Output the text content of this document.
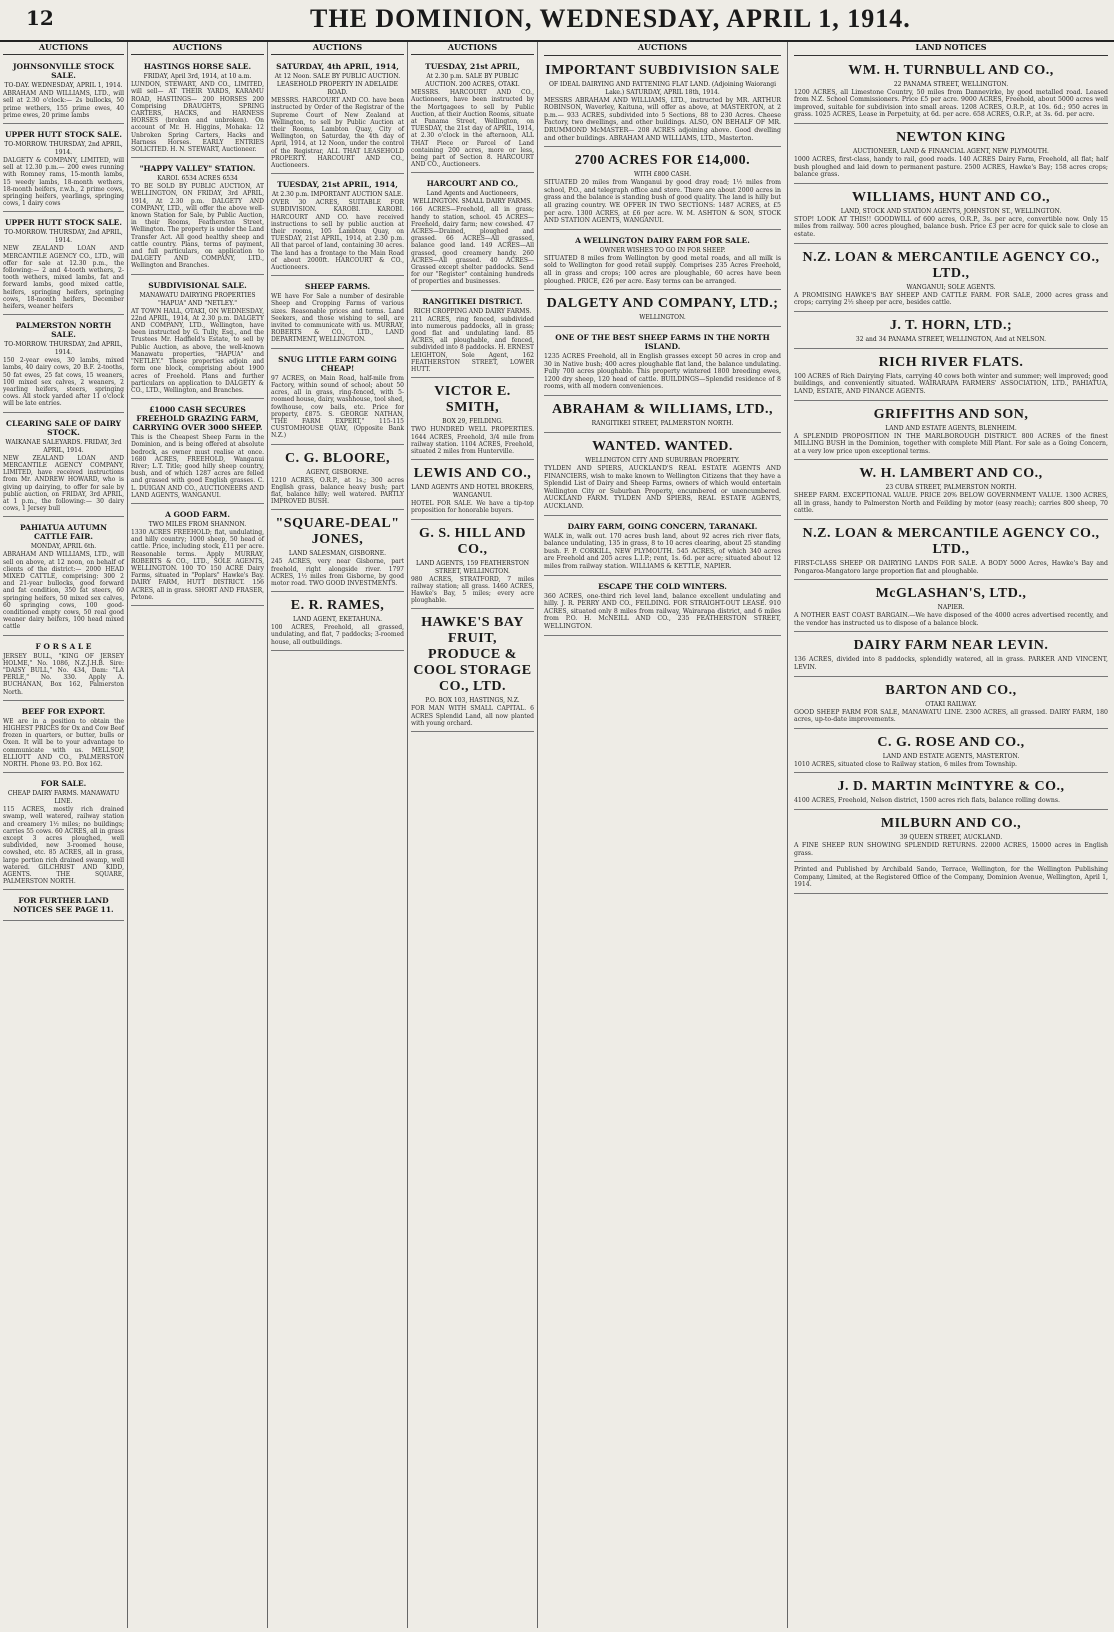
12	THE DOMINION, WEDNESDAY, APRIL 1, 1914.
AUCTIONS
JOHNSONVILLE STOCK SALE.
TO-DAY. WEDNESDAY, APRIL 1, 1914.
ABRAHAM AND WILLIAMS, LTD., will sell at 2.30 o'clock:— 2s bullocks, 50 prime wethers, 155 prime ewes, 40 prime ewes, 20 prime lambs
UPPER HUTT STOCK SALE.
TO-MORROW. THURSDAY, 2nd APRIL, 1914.
DALGETY & COMPANY, LIMITED, will sell at 12.30 p.m.— 200 ewes running with Romney rams, 15-month lambs, 15 weedy lambs, 18-month wethers, 18-month heifers, r.w.h., 2 prime cows, springing heifers, yearlings, springing cows, 1 dairy cows
UPPER HUTT STOCK SALE.
TO-MORROW. THURSDAY, 2nd APRIL, 1914.
NEW ZEALAND LOAN AND MERCANTILE AGENCY CO., LTD., will offer for sale at 12.30 p.m., the following:— 2 and 4-tooth wethers, 2-tooth wethers, mixed lambs, fat and forward lambs, good mixed cattle, heifers, springing heifers, springing cows, 18-month heifers, December heifers, weaner heifers
PALMERSTON NORTH SALE.
TO-MORROW. THURSDAY, 2nd APRIL, 1914.
150 2-year ewes, 30 lambs, mixed lambs, 40 dairy cows, 20 B.F. 2-tooths, 50 fat ewes, 25 fat cows, 15 weaners, 100 mixed sex calves, 2 weaners, 2 yearling heifers, steers, springing cows. All stock yarded after 11 o'clock will be late entries.
CLEARING SALE OF DAIRY STOCK.
WAIKANAE SALEYARDS. FRIDAY, 3rd APRIL, 1914.
NEW ZEALAND LOAN AND MERCANTILE AGENCY COMPANY, LIMITED, have received instructions from Mr. ANDREW HOWARD, who is giving up dairying, to offer for sale by public auction, on FRIDAY, 3rd APRIL, at 1 p.m., the following:— 30 dairy cows, 1 Jersey bull
PAHIATUA AUTUMN CATTLE FAIR.
MONDAY, APRIL 6th.
ABRAHAM AND WILLIAMS, LTD., will sell on above, at 12 noon, on behalf of clients of the district:— 2000 HEAD MIXED CATTLE, comprising: 300 2 and 21-year bullocks, good forward and fat condition, 350 fat steers, 60 springing heifers, 50 mixed sex calves, 60 springing cows, 100 good-conditioned empty cows, 50 real good weaner dairy heifers, 100 head mixed cattle
F O R S A L E
JERSEY BULL, "KING OF JERSEY HOLME," No. 1086, N.Z.J.H.B. Sire: "DAISY BULL," No. 434, Dam: "LA PERLE," No. 330. Apply A. BUCHANAN, Box 162, Palmerston North.
BEEF FOR EXPORT.
WE are in a position to obtain the HIGHEST PRICES for Ox and Cow Beef frozen in quarters, or butter, bulls or Oxen. It will be to your advantage to communicate with us. MELLSOP, ELLIOTT AND CO., PALMERSTON NORTH. Phone 93. P.O. Box 162.
FOR SALE.
CHEAP DAIRY FARMS. MANAWATU LINE.
115 ACRES, mostly rich drained swamp, well watered, railway station and creamery 1½ miles; no buildings; carries 55 cows. 60 ACRES, all in grass except 3 acres ploughed, well subdivided, new 3-roomed house, cowshed, etc. 85 ACRES, all in grass, large portion rich drained swamp, well watered. GILCHRIST AND KIDD, AGENTS. THE SQUARE, PALMERSTON NORTH.
FOR FURTHER LAND NOTICES SEE PAGE 11.
AUCTIONS
HASTINGS HORSE SALE.
FRIDAY, April 3rd, 1914, at 10 a.m.
LUNDON, STEWART, AND CO., LIMITED, will sell— AT THEIR YARDS, KARAMU ROAD, HASTINGS— 200 HORSES 200 Comprising DRAUGHTS, SPRING CARTERS, HACKS, and HARNESS HORSES (broken and unbroken). On account of Mr. H. Higgins, Mohaka: 12 Unbroken Spring Carters, Hacks and Harness Horses. EARLY ENTRIES SOLICITED. H. N. STEWART, Auctioneer.
"HAPPY VALLEY" STATION.
KAROI. 6534 ACRES 6534
TO BE SOLD BY PUBLIC AUCTION, AT WELLINGTON, ON FRIDAY, 3rd APRIL, 1914, At 2.30 p.m. DALGETY AND COMPANY, LTD., will offer the above well-known Station for Sale, by Public Auction, in their Rooms, Featherston Street, Wellington. The property is under the Land Transfer Act. All good healthy sheep and cattle country. Plans, terms of payment, and full particulars, on application to DALGETY AND COMPANY, LTD., Wellington and Branches.
SUBDIVISIONAL SALE.
MANAWATU DAIRYING PROPERTIES "HAPUA" AND "NETLEY."
AT TOWN HALL, OTAKI, ON WEDNESDAY, 22nd APRIL, 1914, At 2.30 p.m. DALGETY AND COMPANY, LTD., Wellington, have been instructed by G. Tully, Esq., and the Trustees Mr. Hadfield's Estate, to sell by Public Auction, as above, the well-known Manawatu properties, "HAPUA" and "NETLEY." These properties adjoin and form one block, comprising about 1900 acres of Freehold. Plans and further particulars on application to DALGETY & CO., LTD., Wellington, and Branches.
£1000 CASH SECURES FREEHOLD GRAZING FARM, CARRYING OVER 3000 SHEEP.
This is the Cheapest Sheep Farm in the Dominion, and is being offered at absolute bedrock, as owner must realise at once. 1680 ACRES, FREEHOLD, Wanganui River; L.T. Title; good hilly sheep country, bush, and of which 1287 acres are felled and grassed with good English grasses. C. L. DUIGAN AND CO., AUCTIONEERS AND LAND AGENTS, WANGANUI.
A GOOD FARM.
TWO MILES FROM SHANNON.
1330 ACRES FREEHOLD; flat, undulating, and hilly country; 1000 sheep, 50 head of cattle. Price, including stock, £11 per acre. Reasonable terms. Apply MURRAY, ROBERTS & CO., LTD., SOLE AGENTS, WELLINGTON. 100 TO 150 ACRE Dairy Farms, situated in "Poplars" Hawke's Bay. DAIRY FARM, HUTT DISTRICT. 156 ACRES, all in grass. SHORT AND FRASER, Petone.
AUCTIONS
SATURDAY, 4th APRIL, 1914,
At 12 Noon. SALE BY PUBLIC AUCTION. LEASEHOLD PROPERTY IN ADELAIDE ROAD.
MESSRS. HARCOURT AND CO. have been instructed by Order of the Registrar of the Supreme Court of New Zealand at Wellington, to sell by Public Auction at their Rooms, Lambton Quay, City of Wellington, on Saturday, the 4th day of April, 1914, at 12 Noon, under the control of the Registrar, ALL THAT LEASEHOLD PROPERTY. HARCOURT AND CO., Auctioneers.
TUESDAY, 21st APRIL, 1914,
At 2.30 p.m. IMPORTANT AUCTION SALE.
OVER 30 ACRES, SUITABLE FOR SUBDIVISION. KAROBI. KAROBI. HARCOURT AND CO. have received instructions to sell by public auction at their rooms, 105 Lambton Quay, on TUESDAY, 21st APRIL, 1914, at 2.30 p.m. All that parcel of land, containing 30 acres. The land has a frontage to the Main Road of about 2000ft. HARCOURT & CO., Auctioneers.
SHEEP FARMS.
WE have For Sale a number of desirable Sheep and Cropping Farms of various sizes. Reasonable prices and terms. Land Seekers, and those wishing to sell, are invited to communicate with us. MURRAY, ROBERTS & CO., LTD., LAND DEPARTMENT, WELLINGTON.
SNUG LITTLE FARM GOING CHEAP!
97 ACRES, on Main Road, half-mile from Factory, within sound of school; about 50 acres, all in grass, ring-fenced, with 5-roomed house, dairy, washhouse, tool shed, fowlhouse, cow bails, etc. Price for property, £875. S. GEORGE NATHAN, "THE FARM EXPERT," 115-115 CUSTOMHOUSE QUAY, (Opposite Bank N.Z.)
C. G. BLOORE,
AGENT, GISBORNE.
1210 ACRES, O.R.P., at 1s.; 300 acres English grass, balance heavy bush; part flat, balance hilly; well watered. PARTLY IMPROVED BUSH.
"SQUARE-DEAL" JONES,
LAND SALESMAN, GISBORNE.
245 ACRES, very near Gisborne, part freehold, right alongside river. 1797 ACRES, 1½ miles from Gisborne, by good motor road. TWO GOOD INVESTMENTS.
E. R. RAMES,
LAND AGENT, EKETAHUNA.
100 ACRES, Freehold, all grassed, undulating, and flat, 7 paddocks; 3-roomed house, all outbuildings.
AUCTIONS
TUESDAY, 21st APRIL,
At 2.30 p.m. SALE BY PUBLIC AUCTION. 200 ACRES, OTAKI.
MESSRS. HARCOURT AND CO., Auctioneers, have been instructed by the Mortgagees to sell by Public Auction, at their Auction Rooms, situate at Panama Street, Wellington, on TUESDAY, the 21st day of APRIL, 1914, at 2.30 o'clock in the afternoon, ALL THAT Piece or Parcel of Land containing 200 acres, more or less, being part of Section 8. HARCOURT AND CO., Auctioneers.
HARCOURT AND CO.,
Land Agents and Auctioneers, WELLINGTON. SMALL DAIRY FARMS.
166 ACRES—Freehold, all in grass; handy to station, school. 45 ACRES—Freehold, dairy farm; new cowshed. 47 ACRES—Drained, ploughed and grassed. 66 ACRES—All grassed, balance good land. 149 ACRES—All grassed, good creamery handy. 260 ACRES—All grassed. 40 ACRES—Grassed except shelter paddocks. Send for our "Register" containing hundreds of properties and businesses.
RANGITIKEI DISTRICT.
RICH CROPPING AND DAIRY FARMS.
211 ACRES, ring fenced, subdivided into numerous paddocks, all in grass; good flat and undulating land. 85 ACRES, all ploughable, and fenced, subdivided into 8 paddocks. H. ERNEST LEIGHTON, Sole Agent, 162 FEATHERSTON STREET, LOWER HUTT.
VICTOR E. SMITH,
BOX 29, FEILDING.
TWO HUNDRED WELL PROPERTIES. 1644 ACRES, Freehold, 3/4 mile from railway station. 1104 ACRES, Freehold, situated 2 miles from Hunterville.
LEWIS AND CO.,
LAND AGENTS AND HOTEL BROKERS, WANGANUI.
HOTEL FOR SALE. We have a tip-top proposition for honorable buyers.
G. S. HILL AND CO.,
LAND AGENTS, 159 FEATHERSTON STREET, WELLINGTON.
980 ACRES, STRATFORD, 7 miles railway station; all grass. 1460 ACRES, Hawke's Bay, 5 miles; every acre ploughable.
HAWKE'S BAY FRUIT, PRODUCE & COOL STORAGE CO., LTD.
P.O. BOX 103, HASTINGS, N.Z.
FOR MAN WITH SMALL CAPITAL. 6 ACRES Splendid Land, all now planted with young orchard.
AUCTIONS
IMPORTANT SUBDIVISION SALE
OF IDEAL DAIRYING AND FATTENING FLAT LAND. (Adjoining Waiorangi Lake.) SATURDAY, APRIL 18th, 1914.
MESSRS ABRAHAM AND WILLIAMS, LTD., instructed by MR. ARTHUR ROBINSON, Waverley, Kaituna, will offer as above, at MASTERTON, at 2 p.m.— 933 ACRES, subdivided into 5 Sections, 88 to 230 Acres. Cheese Factory, two dwellings, and other buildings. ALSO, ON BEHALF OF MR. DRUMMOND McMASTER— 208 ACRES adjoining above. Good dwelling and other buildings. ABRAHAM AND WILLIAMS, LTD., Masterton.
2700 ACRES FOR £14,000.
WITH £800 CASH.
SITUATED 20 miles from Wanganui by good dray road; 1½ miles from school, P.O., and telegraph office and store. There are about 2000 acres in grass and the balance is standing bush of good quality. The land is hilly but all grazing country. WE OFFER IN TWO SECTIONS: 1487 ACRES, at £5 per acre. 1300 ACRES, at £6 per acre. W. M. ASHTON & SON, STOCK AND STATION AGENTS, WANGANUI.
A WELLINGTON DAIRY FARM FOR SALE.
OWNER WISHES TO GO IN FOR SHEEP.
SITUATED 8 miles from Wellington by good metal roads, and all milk is sold to Wellington for good retail supply. Comprises 235 Acres Freehold, all in grass and crops; 100 acres are ploughable, 60 acres have been ploughed. PRICE, £26 per acre. Easy terms can be arranged.
DALGETY AND COMPANY, LTD.;
WELLINGTON.
ONE OF THE BEST SHEEP FARMS IN THE NORTH ISLAND.
1235 ACRES Freehold, all in English grasses except 50 acres in crop and 30 in Native bush; 400 acres ploughable flat land, the balance undulating. Fully 700 acres ploughable. This property wintered 1800 breeding ewes, 1200 dry sheep, 120 head of cattle. BUILDINGS—Splendid residence of 8 rooms, with all modern conveniences.
ABRAHAM & WILLIAMS, LTD.,
RANGITIKEI STREET, PALMERSTON NORTH.
WANTED. WANTED.
WELLINGTON CITY AND SUBURBAN PROPERTY.
TYLDEN AND SPIERS, AUCKLAND'S REAL ESTATE AGENTS AND FINANCIERS, wish to make known to Wellington Citizens that they have a Splendid List of Dairy and Sheep Farms, owners of which would entertain Wellington City or Suburban Property, encumbered or unencumbered. AUCKLAND FARM. TYLDEN AND SPIERS, REAL ESTATE AGENTS, AUCKLAND.
DAIRY FARM, GOING CONCERN, TARANAKI.
WALK in, walk out. 170 acres bush land, about 92 acres rich river flats, balance undulating, 135 in grass, 8 to 10 acres clearing, about 25 standing bush. F. P. CORKILL, NEW PLYMOUTH. 545 ACRES, of which 340 acres are Freehold and 205 acres L.I.P.; rent, 1s. 6d. per acre; situated about 12 miles from railway station. WILLIAMS & KETTLE, NAPIER.
ESCAPE THE COLD WINTERS.
360 ACRES, one-third rich level land, balance excellent undulating and hilly. J. R. PERRY AND CO., FEILDING. FOR STRAIGHT-OUT LEASE. 910 ACRES, situated only 8 miles from railway, Wairarapa district, and 6 miles from P.O. H. McNEILL AND CO., 235 FEATHERSTON STREET, WELLINGTON.
LAND NOTICES
WM. H. TURNBULL AND CO.,
22 PANAMA STREET, WELLINGTON.
1200 ACRES, all Limestone Country, 50 miles from Dannevirke, by good metalled road. Leased from N.Z. School Commissioners. Price £5 per acre. 9000 ACRES, Freehold, about 5000 acres well improved, suitable for subdivision into small areas. 1208 ACRES, O.R.P., at 10s. 6d.; 950 acres in grass. 1025 ACRES, Lease in Perpetuity, at 6d. per acre. 658 ACRES, O.R.P., at 3s. 6d. per acre.
NEWTON KING
AUCTIONEER, LAND & FINANCIAL AGENT, NEW PLYMOUTH.
1000 ACRES, first-class, handy to rail, good roads. 140 ACRES Dairy Farm, Freehold, all flat; half bush ploughed and laid down to permanent pasture. 2500 ACRES, Hawke's Bay; 158 acres crops; balance grass.
WILLIAMS, HUNT AND CO.,
LAND, STOCK AND STATION AGENTS, JOHNSTON ST., WELLINGTON.
STOP! LOOK AT THIS!! GOODWILL of 600 acres, O.R.P., 3s. per acre, convertible now. Only 15 miles from railway. 500 acres ploughed, balance bush. Price £3 per acre for quick sale to close an estate.
N.Z. LOAN & MERCANTILE AGENCY CO., LTD.,
WANGANUI; SOLE AGENTS.
A PROMISING HAWKE'S BAY SHEEP AND CATTLE FARM. FOR SALE, 2000 acres grass and crops; carrying 2½ sheep per acre, besides cattle.
J. T. HORN, LTD.;
32 and 34 PANAMA STREET, WELLINGTON, And at NELSON.
RICH RIVER FLATS.
100 ACRES of Rich Dairying Flats, carrying 40 cows both winter and summer; well improved; good buildings, and conveniently situated. WAIRARAPA FARMERS' ASSOCIATION, LTD., PAHIATUA, LAND, ESTATE, AND FINANCE AGENTS.
GRIFFITHS AND SON,
LAND AND ESTATE AGENTS, BLENHEIM.
A SPLENDID PROPOSITION IN THE MARLBOROUGH DISTRICT. 800 ACRES of the finest MILLING BUSH in the Dominion, together with complete Mill Plant. For sale as a Going Concern, at a very low price upon exceptional terms.
W. H. LAMBERT AND CO.,
23 CUBA STREET, PALMERSTON NORTH.
SHEEP FARM. EXCEPTIONAL VALUE. PRICE 20% BELOW GOVERNMENT VALUE. 1300 ACRES, all in grass, handy to Palmerston North and Feilding by motor (easy reach); carries 800 sheep, 70 cattle.
N.Z. LOAN & MERCANTILE AGENCY CO., LTD.,
FIRST-CLASS SHEEP OR DAIRYING LANDS FOR SALE. A BODY 5000 Acres, Hawke's Bay and Pongaroa-Mangatoro large proportion flat and ploughable.
McGLASHAN'S, LTD.,
NAPIER.
A NOTHER EAST COAST BARGAIN.—We have disposed of the 4000 acres advertised recently, and the vendor has instructed us to dispose of a balance block.
DAIRY FARM NEAR LEVIN.
136 ACRES, divided into 8 paddocks, splendidly watered, all in grass. PARKER AND VINCENT, LEVIN.
BARTON AND CO.,
OTAKI RAILWAY.
GOOD SHEEP FARM FOR SALE, MANAWATU LINE. 2300 ACRES, all grassed. DAIRY FARM, 180 acres, up-to-date improvements.
C. G. ROSE AND CO.,
LAND AND ESTATE AGENTS, MASTERTON.
1010 ACRES, situated close to Railway station, 6 miles from Township.
J. D. MARTIN McINTYRE & CO.,
4100 ACRES, Freehold, Nelson district, 1500 acres rich flats, balance rolling downs.
MILBURN AND CO.,
39 QUEEN STREET, AUCKLAND.
A FINE SHEEP RUN SHOWING SPLENDID RETURNS. 22000 ACRES, 15000 acres in English grass.
Printed and Published by Archibald Sando, Terrace, Wellington, for the Wellington Publishing Company, Limited, at the Registered Office of the Company, Dominion Avenue, Wellington, April 1, 1914.
